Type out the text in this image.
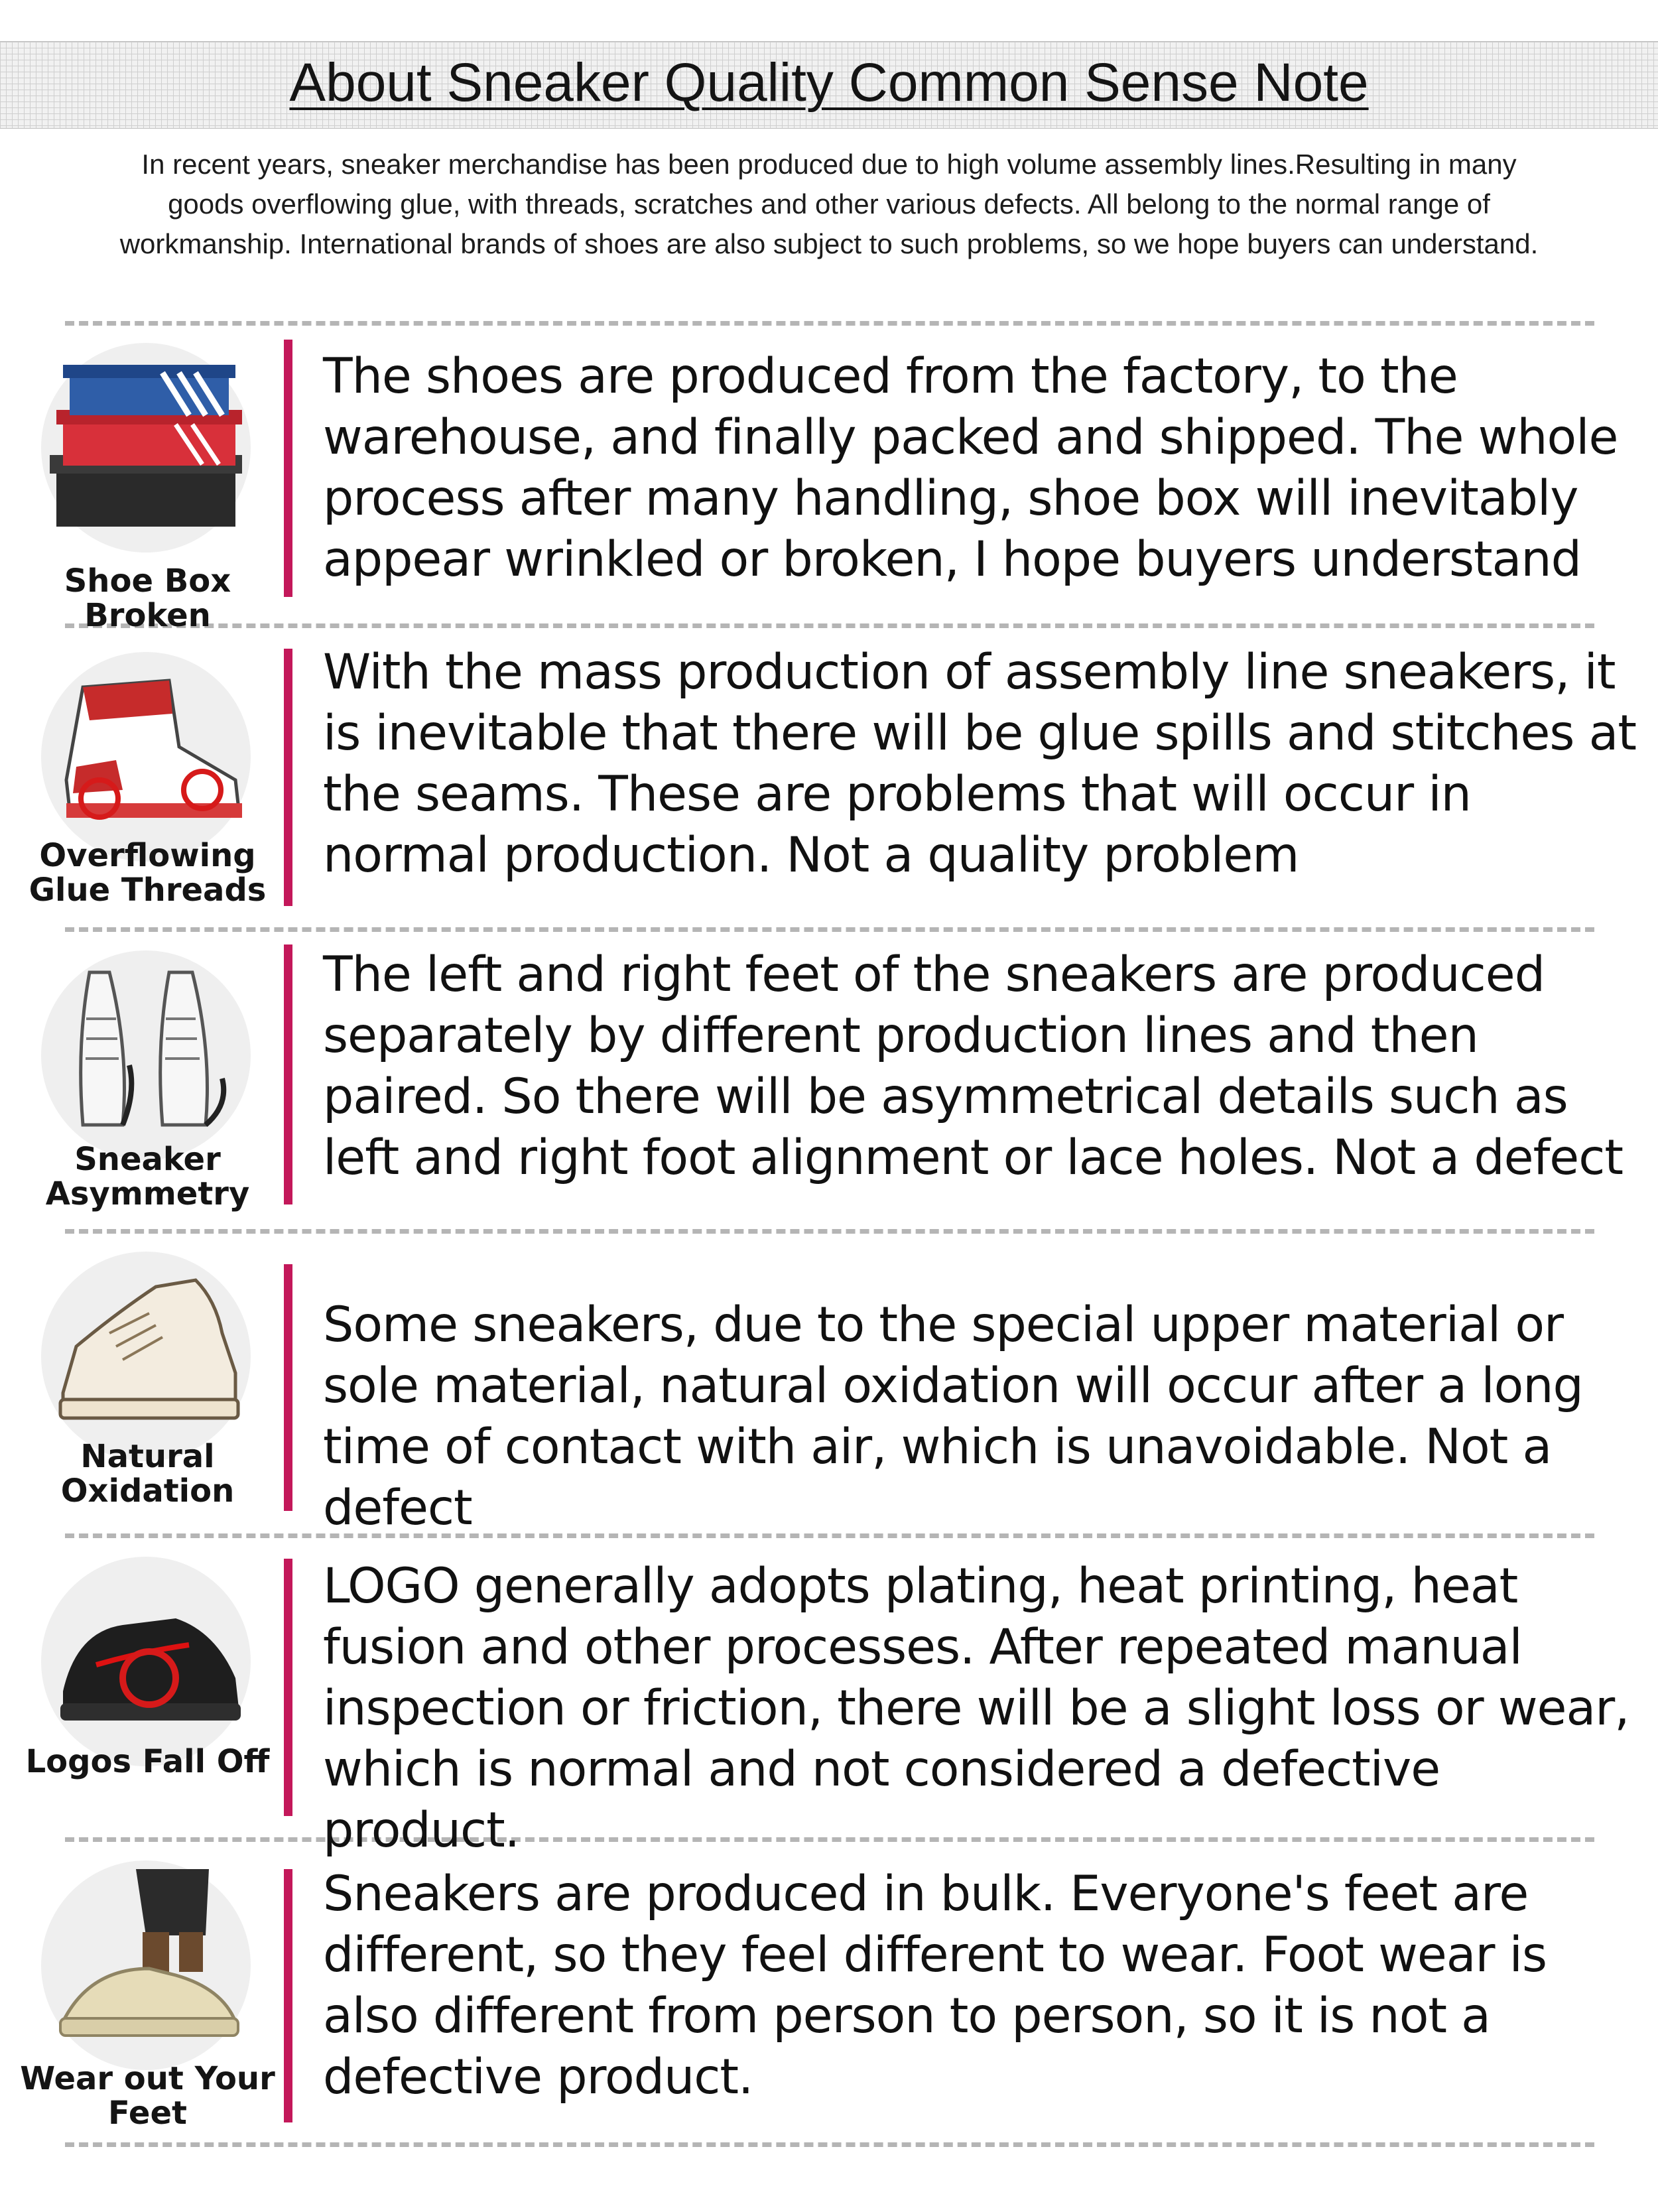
About Sneaker Quality Common Sense Note
In recent years, sneaker merchandise has been produced due to high volume assembly lines.Resulting in many goods overflowing glue, with threads, scratches and other various defects. All belong to the normal range of workmanship. International brands of shoes are also subject to such problems, so we hope buyers can understand.
Shoe Box Broken
The shoes are produced from the factory, to the warehouse, and finally packed and shipped. The whole process after many handling, shoe box will inevitably appear wrinkled or broken, I hope buyers understand
Overflowing Glue Threads
With the mass production of assembly line sneakers, it is inevitable that there will be glue spills and stitches at the seams. These are problems that will occur in normal production. Not a quality problem
Sneaker Asymmetry
The left and right feet of the sneakers are produced separately by different production lines and then paired. So there will be asymmetrical details such as left and right foot alignment or lace holes. Not a defect
Natural Oxidation
Some sneakers, due to the special upper material or sole material, natural oxidation will occur after a long time of contact with air, which is unavoidable. Not a defect
Logos Fall Off
LOGO generally adopts plating, heat printing, heat fusion and other processes. After repeated manual inspection or friction, there will be a slight loss or wear, which is normal and not considered a defective product.
Wear out Your Feet
Sneakers are produced in bulk. Everyone's feet are different, so they feel different to wear. Foot wear is also different from person to person, so it is not a defective product.
